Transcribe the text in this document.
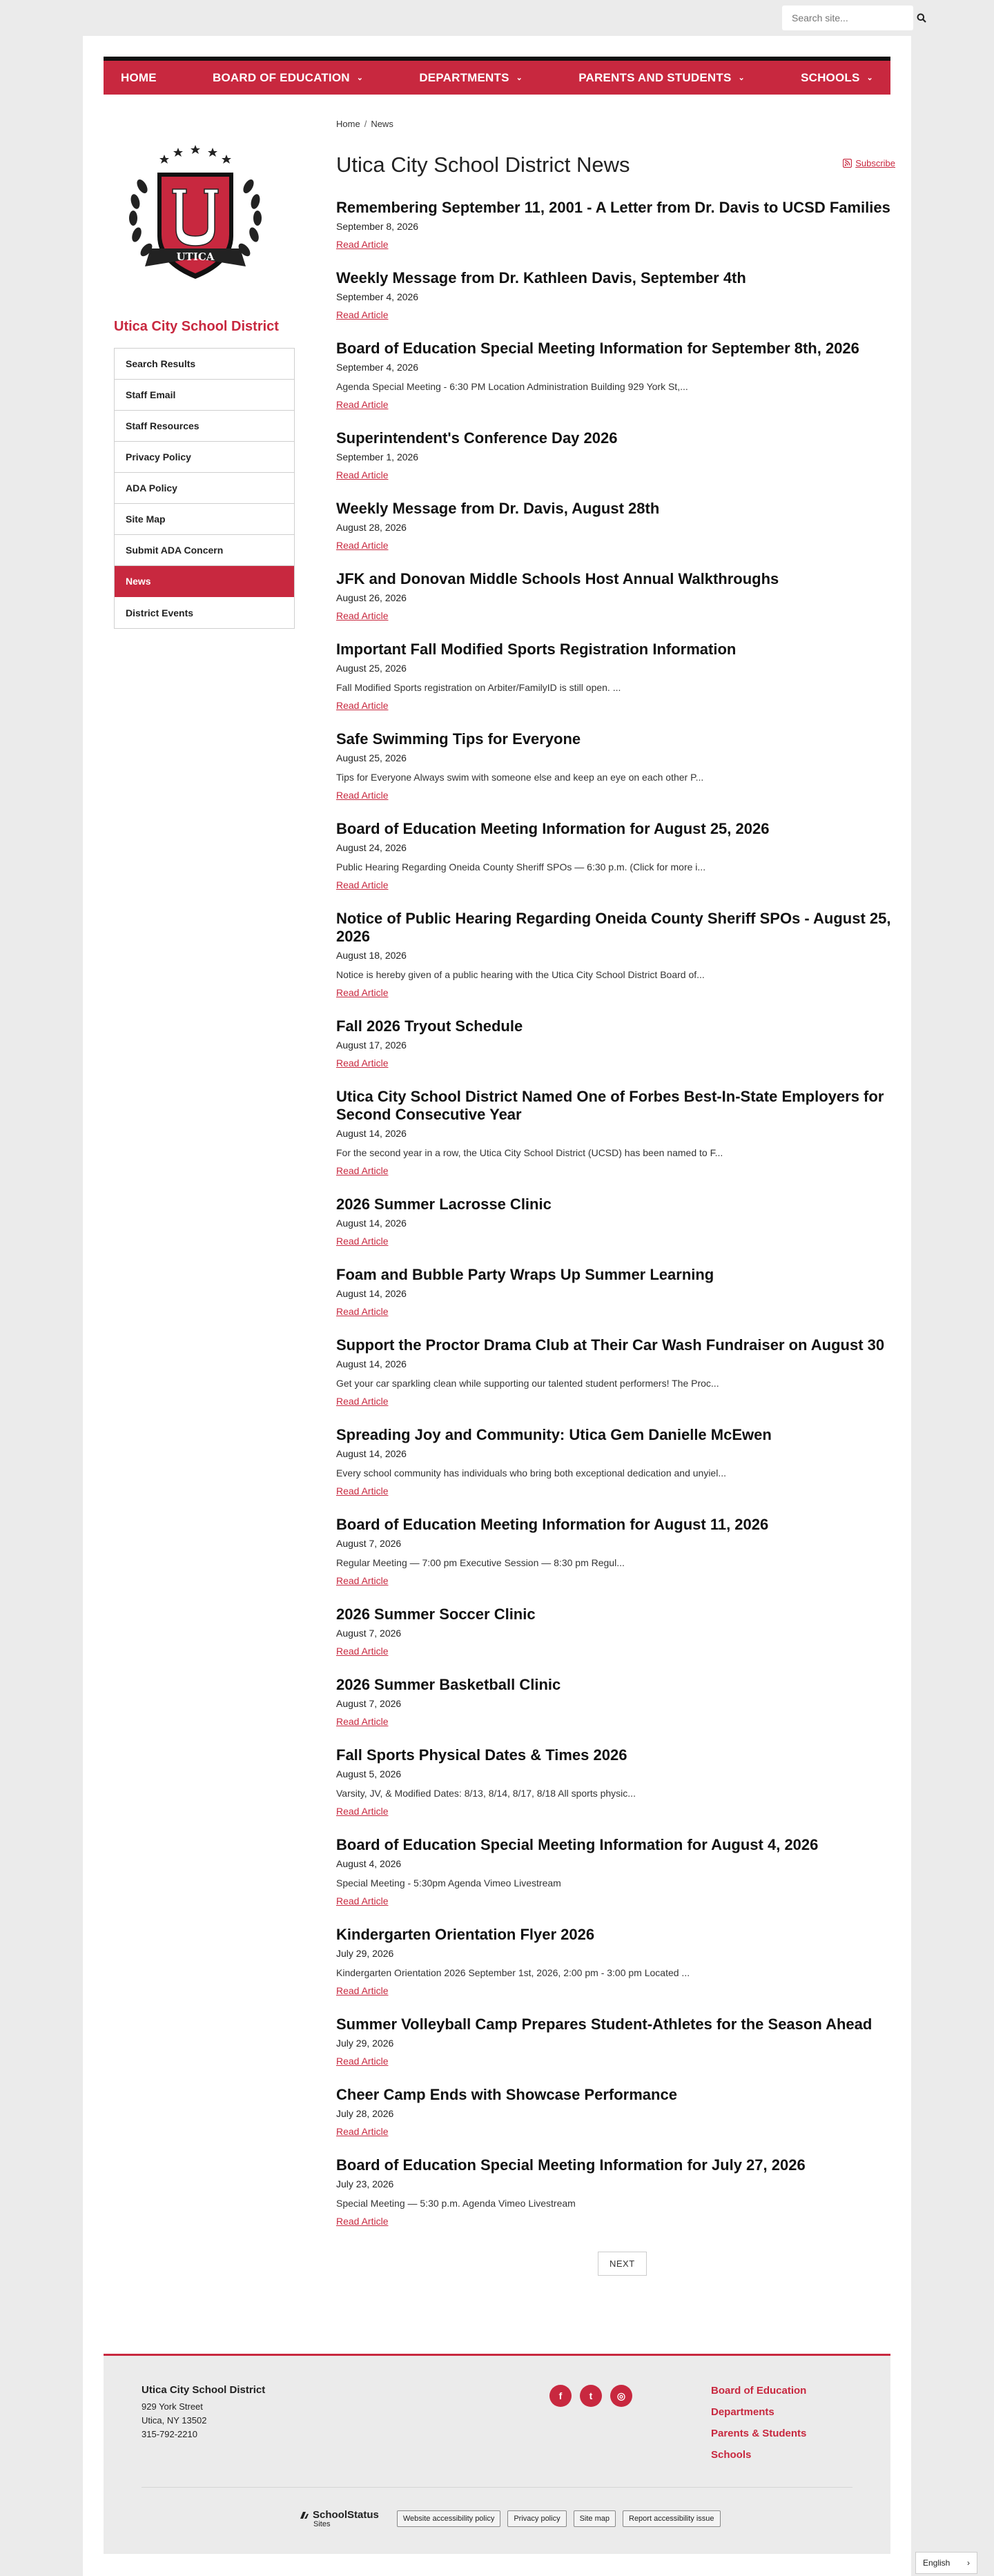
Search site...
HOME	BOARD OF EDUCATION ⌄	DEPARTMENTS ⌄	PARENTS AND STUDENTS ⌄	SCHOOLS ⌄
UTICA
Utica City School District
Search Results
Staff Email
Staff Resources
Privacy Policy
ADA Policy
Site Map
Submit ADA Concern
News
District Events
Home / News
Utica City School District News	Subscribe
Remembering September 11, 2001 - A Letter from Dr. Davis to UCSD Families
September 8, 2026
Read Article
Weekly Message from Dr. Kathleen Davis, September 4th
September 4, 2026
Read Article
Board of Education Special Meeting Information for September 8th, 2026
September 4, 2026
Agenda Special Meeting - 6:30 PM Location Administration Building 929 York St,...
Read Article
Superintendent's Conference Day 2026
September 1, 2026
Read Article
Weekly Message from Dr. Davis, August 28th
August 28, 2026
Read Article
JFK and Donovan Middle Schools Host Annual Walkthroughs
August 26, 2026
Read Article
Important Fall Modified Sports Registration Information
August 25, 2026
Fall Modified Sports registration on Arbiter/FamilyID is still open. ...
Read Article
Safe Swimming Tips for Everyone
August 25, 2026
Tips for Everyone Always swim with someone else and keep an eye on each other P...
Read Article
Board of Education Meeting Information for August 25, 2026
August 24, 2026
Public Hearing Regarding Oneida County Sheriff SPOs — 6:30 p.m. (Click for more i...
Read Article
Notice of Public Hearing Regarding Oneida County Sheriff SPOs - August 25, 2026
August 18, 2026
Notice is hereby given of a public hearing with the Utica City School District Board of...
Read Article
Fall 2026 Tryout Schedule
August 17, 2026
Read Article
Utica City School District Named One of Forbes Best-In-State Employers for Second Consecutive Year
August 14, 2026
For the second year in a row, the Utica City School District (UCSD) has been named to F...
Read Article
2026 Summer Lacrosse Clinic
August 14, 2026
Read Article
Foam and Bubble Party Wraps Up Summer Learning
August 14, 2026
Read Article
Support the Proctor Drama Club at Their Car Wash Fundraiser on August 30
August 14, 2026
Get your car sparkling clean while supporting our talented student performers! The Proc...
Read Article
Spreading Joy and Community: Utica Gem Danielle McEwen
August 14, 2026
Every school community has individuals who bring both exceptional dedication and unyiel...
Read Article
Board of Education Meeting Information for August 11, 2026
August 7, 2026
Regular Meeting — 7:00 pm Executive Session — 8:30 pm Regul...
Read Article
2026 Summer Soccer Clinic
August 7, 2026
Read Article
2026 Summer Basketball Clinic
August 7, 2026
Read Article
Fall Sports Physical Dates & Times 2026
August 5, 2026
Varsity, JV, & Modified Dates: 8/13, 8/14, 8/17, 8/18 All sports physic...
Read Article
Board of Education Special Meeting Information for August 4, 2026
August 4, 2026
Special Meeting - 5:30pm Agenda Vimeo Livestream
Read Article
Kindergarten Orientation Flyer 2026
July 29, 2026
Kindergarten Orientation 2026 September 1st, 2026, 2:00 pm - 3:00 pm Located ...
Read Article
Summer Volleyball Camp Prepares Student-Athletes for the Season Ahead
July 29, 2026
Read Article
Cheer Camp Ends with Showcase Performance
July 28, 2026
Read Article
Board of Education Special Meeting Information for July 27, 2026
July 23, 2026
Special Meeting — 5:30 p.m. Agenda Vimeo Livestream
Read Article
NEXT
Utica City School District
929 York Street
Utica, NY 13502
315-792-2210
f	t	◎	Board of Education
Departments
Parents & Students
Schools
SchoolStatus
Sites
Website accessibility policy	Privacy policy	Site map	Report accessibility issue
English ›
